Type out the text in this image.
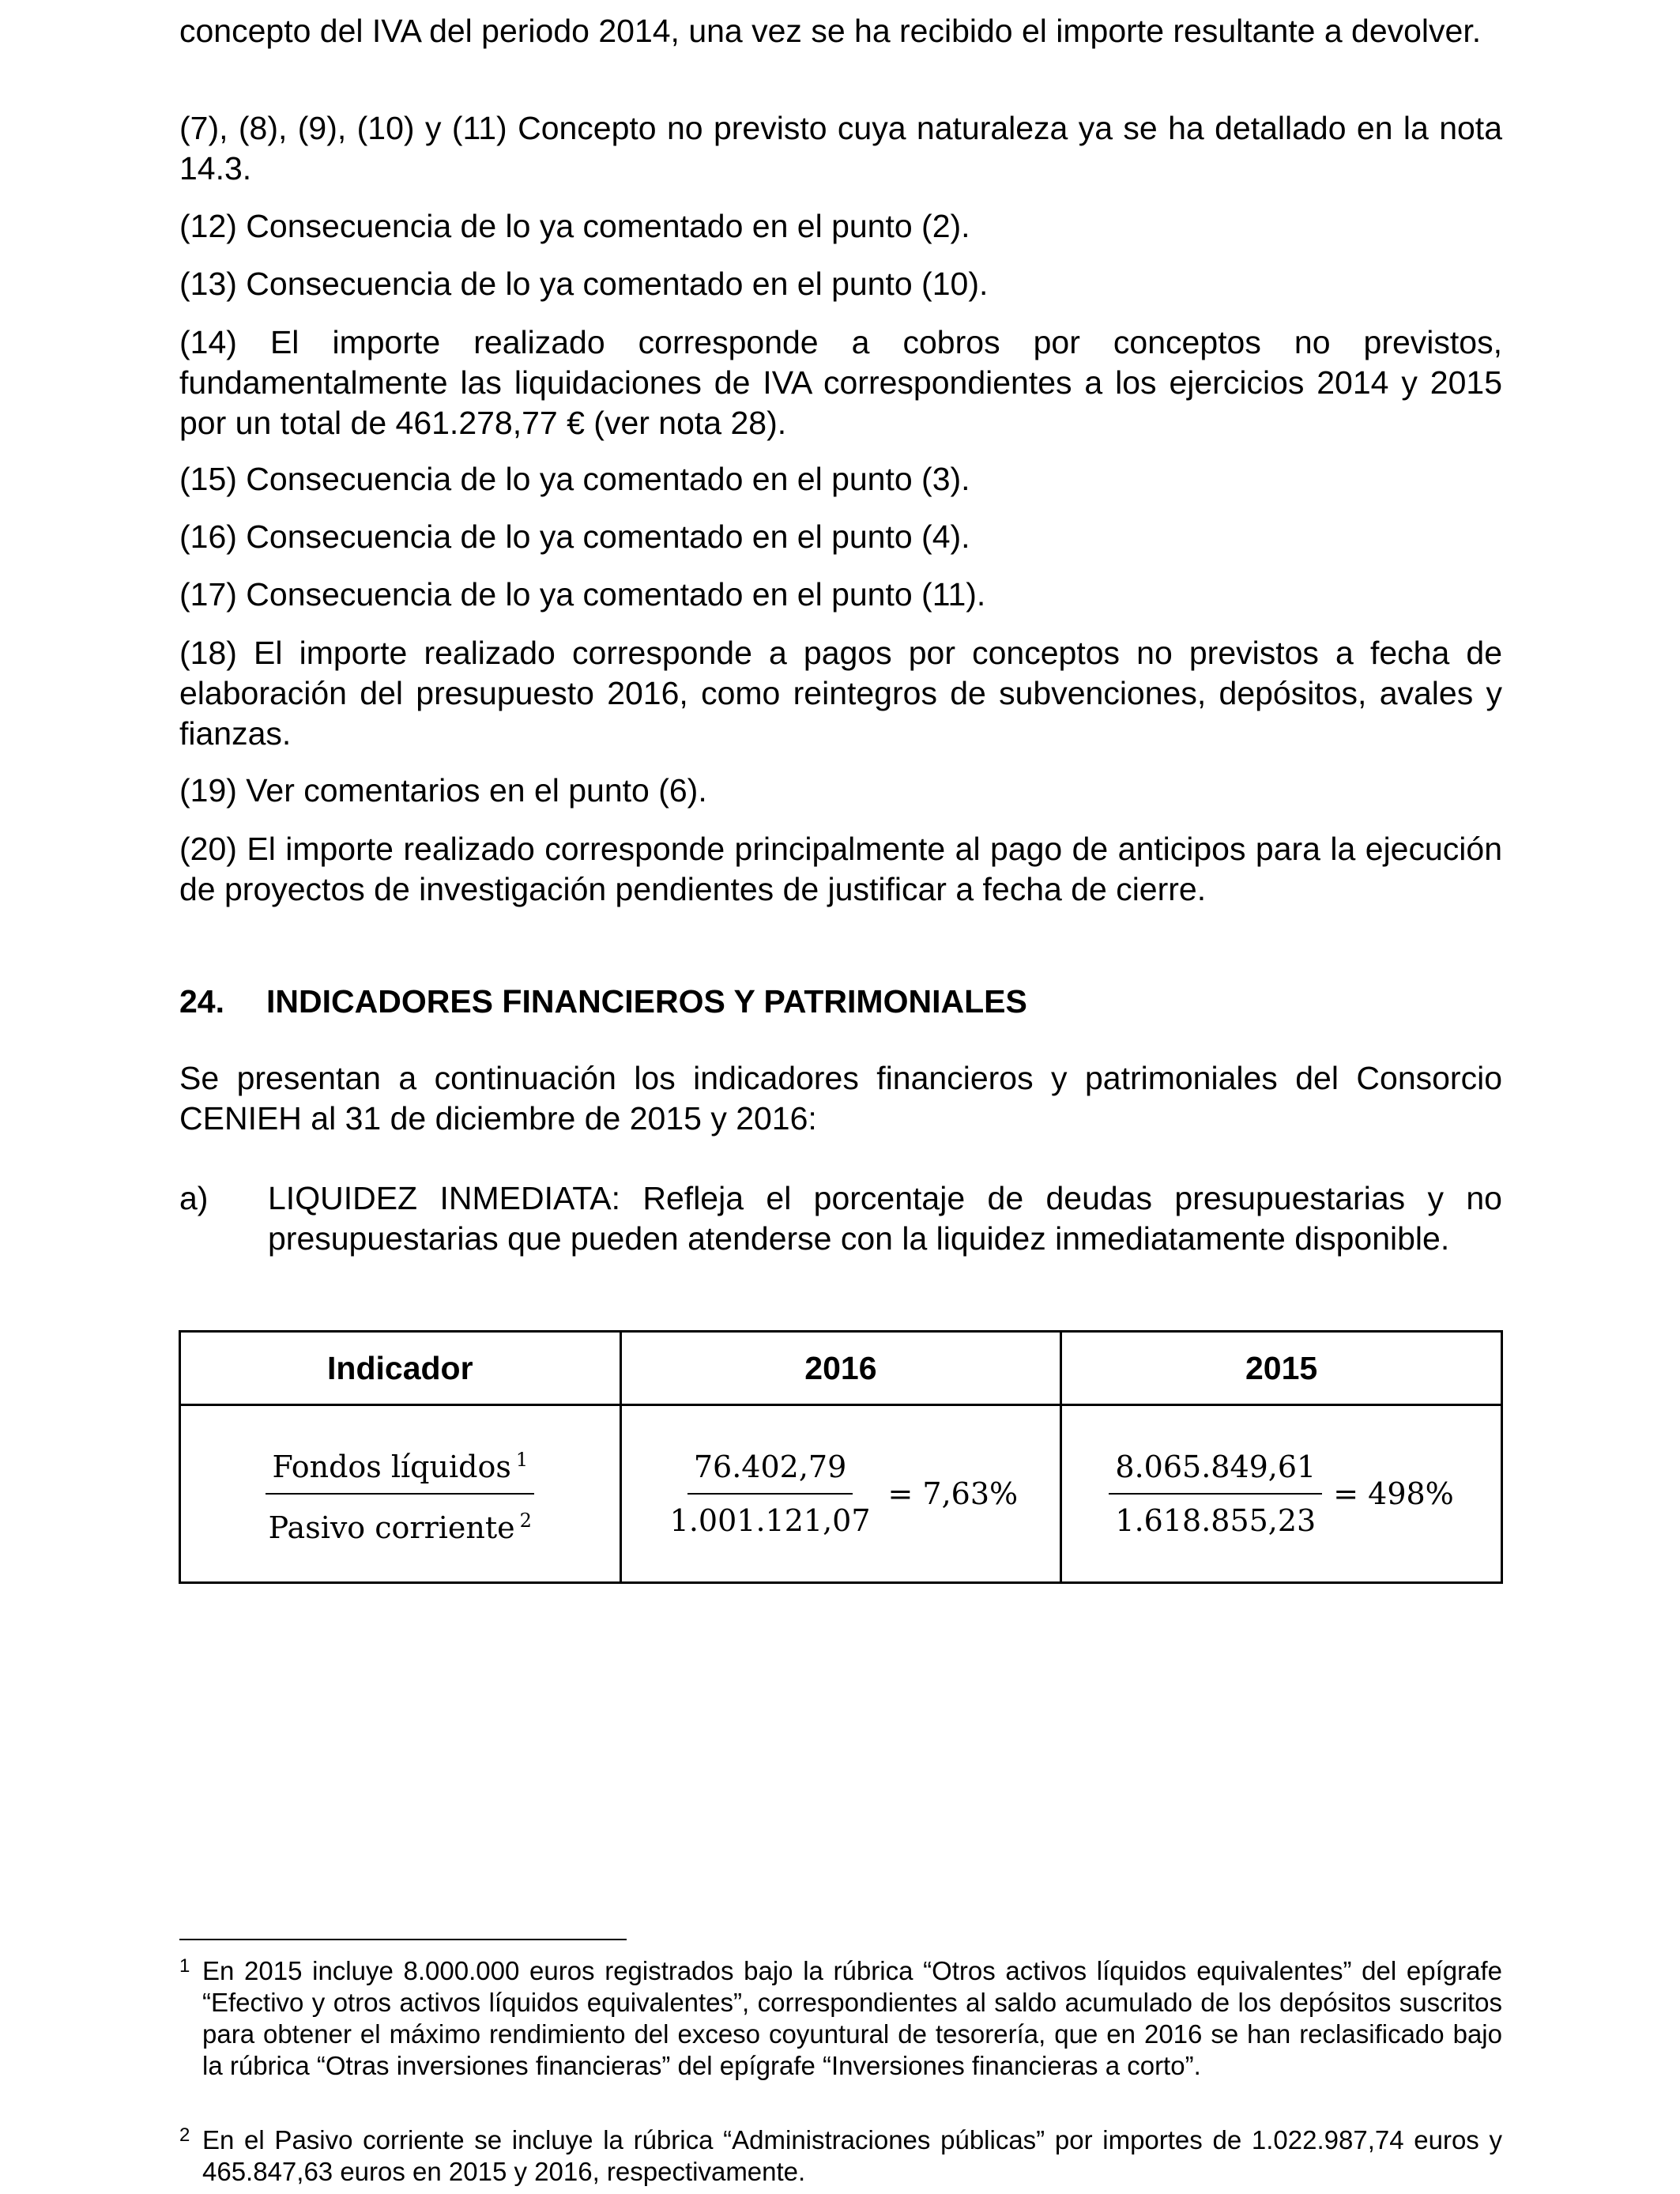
concepto del IVA del periodo 2014, una vez se ha recibido el importe resultante a devolver.

(7), (8), (9), (10) y (11) Concepto no previsto cuya naturaleza ya se ha detallado en la nota 14.3.

(12) Consecuencia de lo ya comentado en el punto (2).

(13) Consecuencia de lo ya comentado en el punto (10).

(14) El importe realizado corresponde a cobros por conceptos no previstos, fundamentalmente las liquidaciones de IVA correspondientes a los ejercicios 2014 y 2015 por un total de 461.278,77 € (ver nota 28).

(15) Consecuencia de lo ya comentado en el punto (3).

(16) Consecuencia de lo ya comentado en el punto (4).

(17) Consecuencia de lo ya comentado en el punto (11).

(18) El importe realizado corresponde a pagos por conceptos no previstos a fecha de elaboración del presupuesto 2016, como reintegros de subvenciones, depósitos, avales y fianzas.

(19) Ver comentarios en el punto (6).

(20) El importe realizado corresponde principalmente al pago de anticipos para la ejecución de proyectos de investigación pendientes de justificar a fecha de cierre.

24. INDICADORES FINANCIEROS Y PATRIMONIALES

Se presentan a continuación los indicadores financieros y patrimoniales del Consorcio CENIEH al 31 de diciembre de 2015 y 2016:

a) LIQUIDEZ INMEDIATA: Refleja el porcentaje de deudas presupuestarias y no presupuestarias que pueden atenderse con la liquidez inmediatamente disponible.

Indicador	2016	2015

$\frac{Fondos líquidos ^1}{Pasivo corriente ^2}$	$\frac{76.402,79}{1.001.121,07} = 7,63\%$	$\frac{8.065.849,61}{1.618.855,23} = 498\%$

1 En 2015 incluye 8.000.000 euros registrados bajo la rúbrica “Otros activos líquidos equivalentes” del epígrafe “Efectivo y otros activos líquidos equivalentes”, correspondientes al saldo acumulado de los depósitos suscritos para obtener el máximo rendimiento del exceso coyuntural de tesorería, que en 2016 se han reclasificado bajo la rúbrica “Otras inversiones financieras” del epígrafe “Inversiones financieras a corto”.

2 En el Pasivo corriente se incluye la rúbrica “Administraciones públicas” por importes de 1.022.987,74 euros y 465.847,63 euros en 2015 y 2016, respectivamente.
